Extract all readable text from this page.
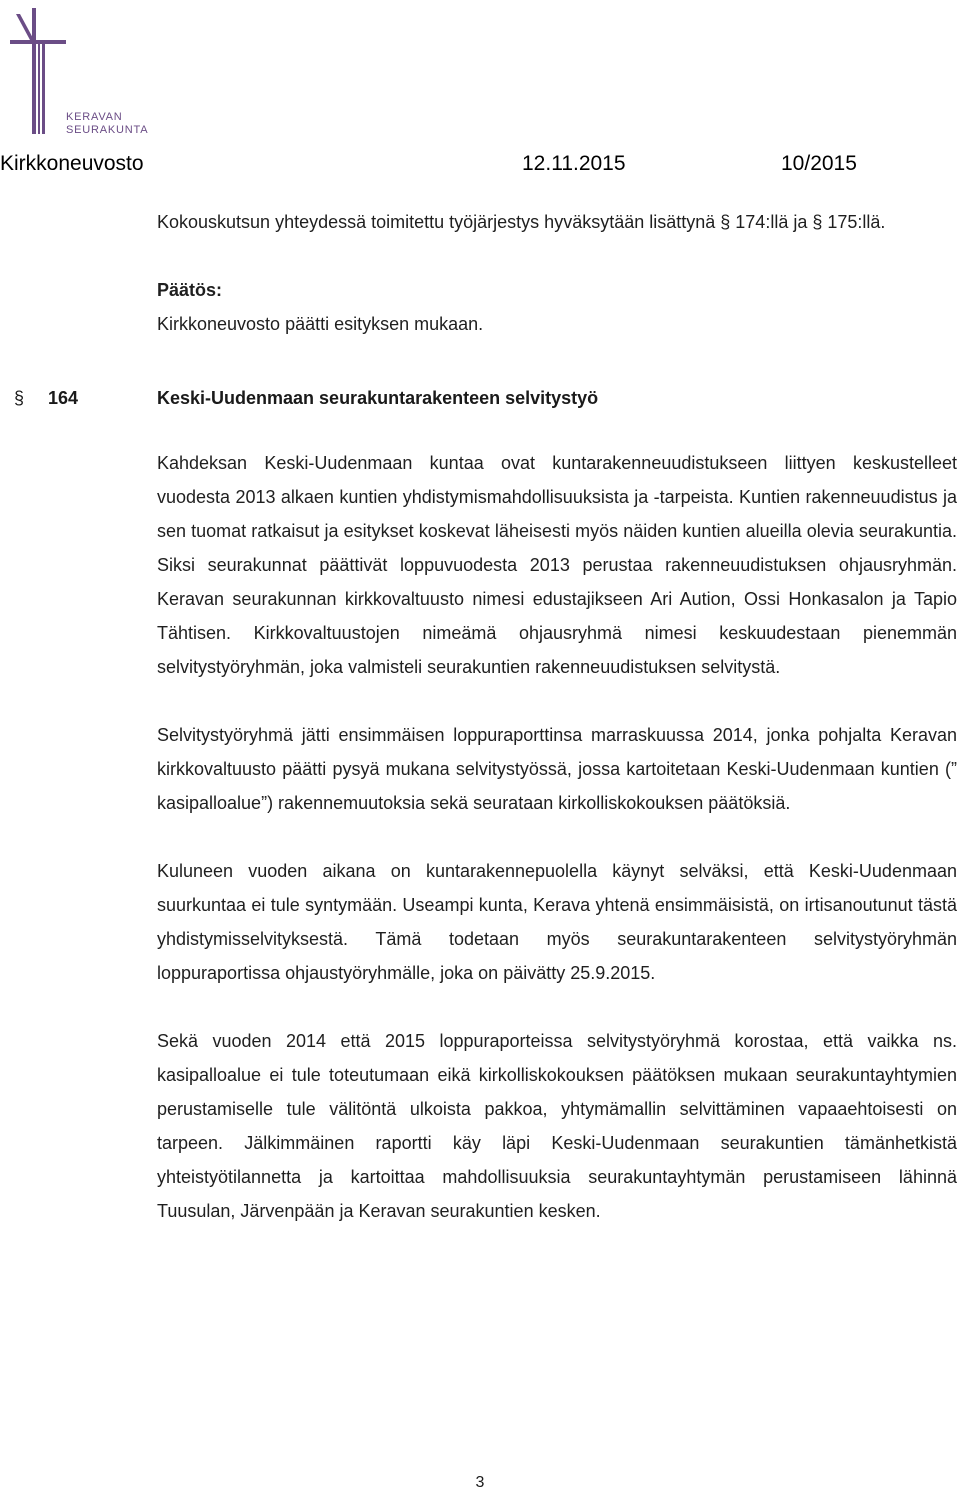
KERAVAN
SEURAKUNTA
Kirkkoneuvosto	12.11.2015	10/2015

Kokouskutsun yhteydessä toimitettu työjärjestys hyväksytään lisättynä § 174:llä ja § 175:llä.

Päätös:

Kirkkoneuvosto päätti esityksen mukaan.

§ 164	Keski-Uudenmaan seurakuntarakenteen selvitystyö

Kahdeksan Keski-Uudenmaan kuntaa ovat kuntarakenneuudistukseen liittyen keskustelleet vuodesta 2013 alkaen kuntien yhdistymismahdollisuuksista ja -tarpeista. Kuntien rakenneuudistus ja sen tuomat ratkaisut ja esitykset koskevat läheisesti myös näiden kuntien alueilla olevia seurakuntia. Siksi seurakunnat päättivät loppuvuodesta 2013 perustaa rakenneuudistuksen ohjausryhmän. Keravan seurakunnan kirkkovaltuusto nimesi edustajikseen Ari Aution, Ossi Honkasalon ja Tapio Tähtisen. Kirkkovaltuustojen nimeämä ohjausryhmä nimesi keskuudestaan pienemmän selvitystyöryhmän, joka valmisteli seurakuntien rakenneuudistuksen selvitystä.

Selvitystyöryhmä jätti ensimmäisen loppuraporttinsa marraskuussa 2014, jonka pohjalta Keravan kirkkovaltuusto päätti pysyä mukana selvitystyössä, jossa kartoitetaan Keski-Uudenmaan kuntien (” kasipalloalue”) rakennemuutoksia sekä seurataan kirkolliskokouksen päätöksiä.

Kuluneen vuoden aikana on kuntarakennepuolella käynyt selväksi, että Keski-Uudenmaan suurkuntaa ei tule syntymään. Useampi kunta, Kerava yhtenä ensimmäisistä, on irtisanoutunut tästä yhdistymisselvityksestä. Tämä todetaan myös seurakuntarakenteen selvitystyöryhmän loppuraportissa ohjaustyöryhmälle, joka on päivätty 25.9.2015.

Sekä vuoden 2014 että 2015 loppuraporteissa selvitystyöryhmä korostaa, että vaikka ns. kasipalloalue ei tule toteutumaan eikä kirkolliskokouksen päätöksen mukaan seurakuntayhtymien perustamiselle tule välitöntä ulkoista pakkoa, yhtymämallin selvittäminen vapaaehtoisesti on tarpeen. Jälkimmäinen raportti käy läpi Keski-Uudenmaan seurakuntien tämänhetkistä yhteistyötilannetta ja kartoittaa mahdollisuuksia seurakuntayhtymän perustamiseen lähinnä Tuusulan, Järvenpään ja Keravan seurakuntien kesken.

3
